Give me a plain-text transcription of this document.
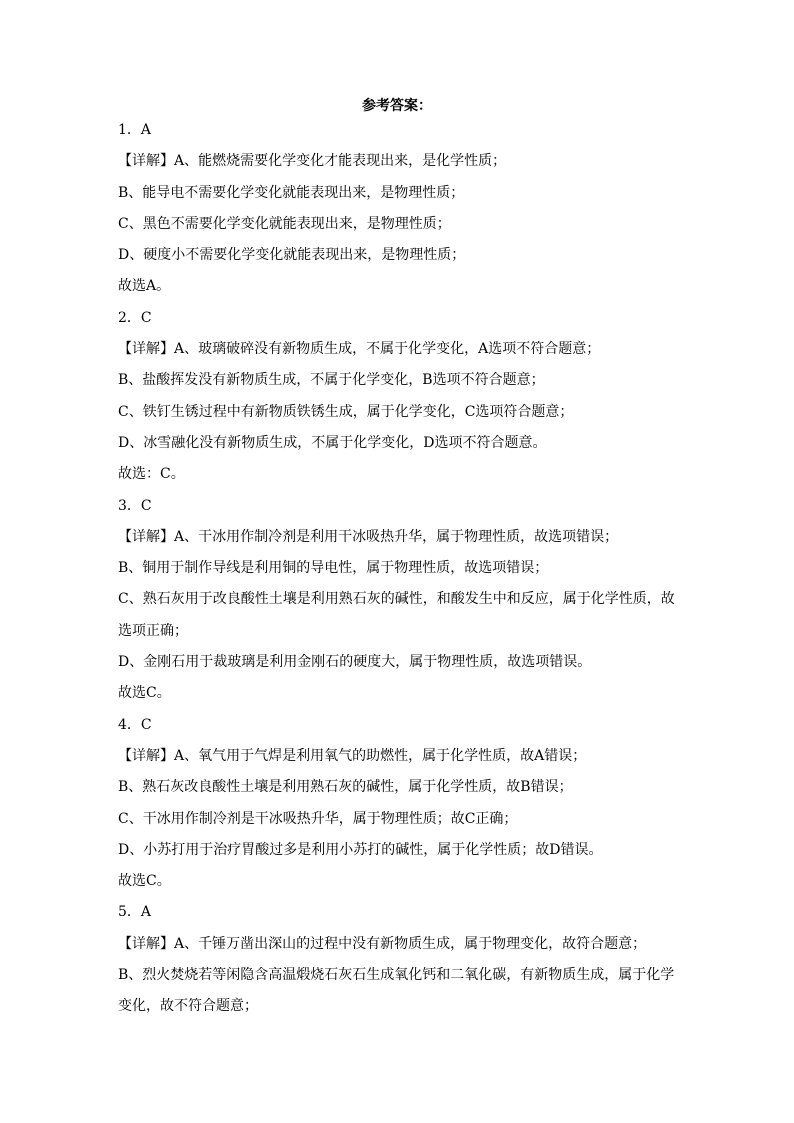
参考答案：
1．A
【详解】A、能燃烧需要化学变化才能表现出来，是化学性质；
B、能导电不需要化学变化就能表现出来，是物理性质；
C、黑色不需要化学变化就能表现出来，是物理性质；
D、硬度小不需要化学变化就能表现出来，是物理性质；
故选A。
2．C
【详解】A、玻璃破碎没有新物质生成，不属于化学变化，A选项不符合题意；
B、盐酸挥发没有新物质生成，不属于化学变化，B选项不符合题意；
C、铁钉生锈过程中有新物质铁锈生成，属于化学变化，C选项符合题意；
D、冰雪融化没有新物质生成，不属于化学变化，D选项不符合题意。
故选：C。
3．C
【详解】A、干冰用作制冷剂是利用干冰吸热升华，属于物理性质，故选项错误；
B、铜用于制作导线是利用铜的导电性，属于物理性质，故选项错误；
C、熟石灰用于改良酸性土壤是利用熟石灰的碱性，和酸发生中和反应，属于化学性质，故
选项正确；
D、金刚石用于裁玻璃是利用金刚石的硬度大，属于物理性质，故选项错误。
故选C。
4．C
【详解】A、氧气用于气焊是利用氧气的助燃性，属于化学性质，故A错误；
B、熟石灰改良酸性土壤是利用熟石灰的碱性，属于化学性质，故B错误；
C、干冰用作制冷剂是干冰吸热升华，属于物理性质；故C正确；
D、小苏打用于治疗胃酸过多是利用小苏打的碱性，属于化学性质；故D错误。
故选C。
5．A
【详解】A、千锤万凿出深山的过程中没有新物质生成，属于物理变化，故符合题意；
B、烈火焚烧若等闲隐含高温煅烧石灰石生成氧化钙和二氧化碳，有新物质生成，属于化学
变化，故不符合题意；
